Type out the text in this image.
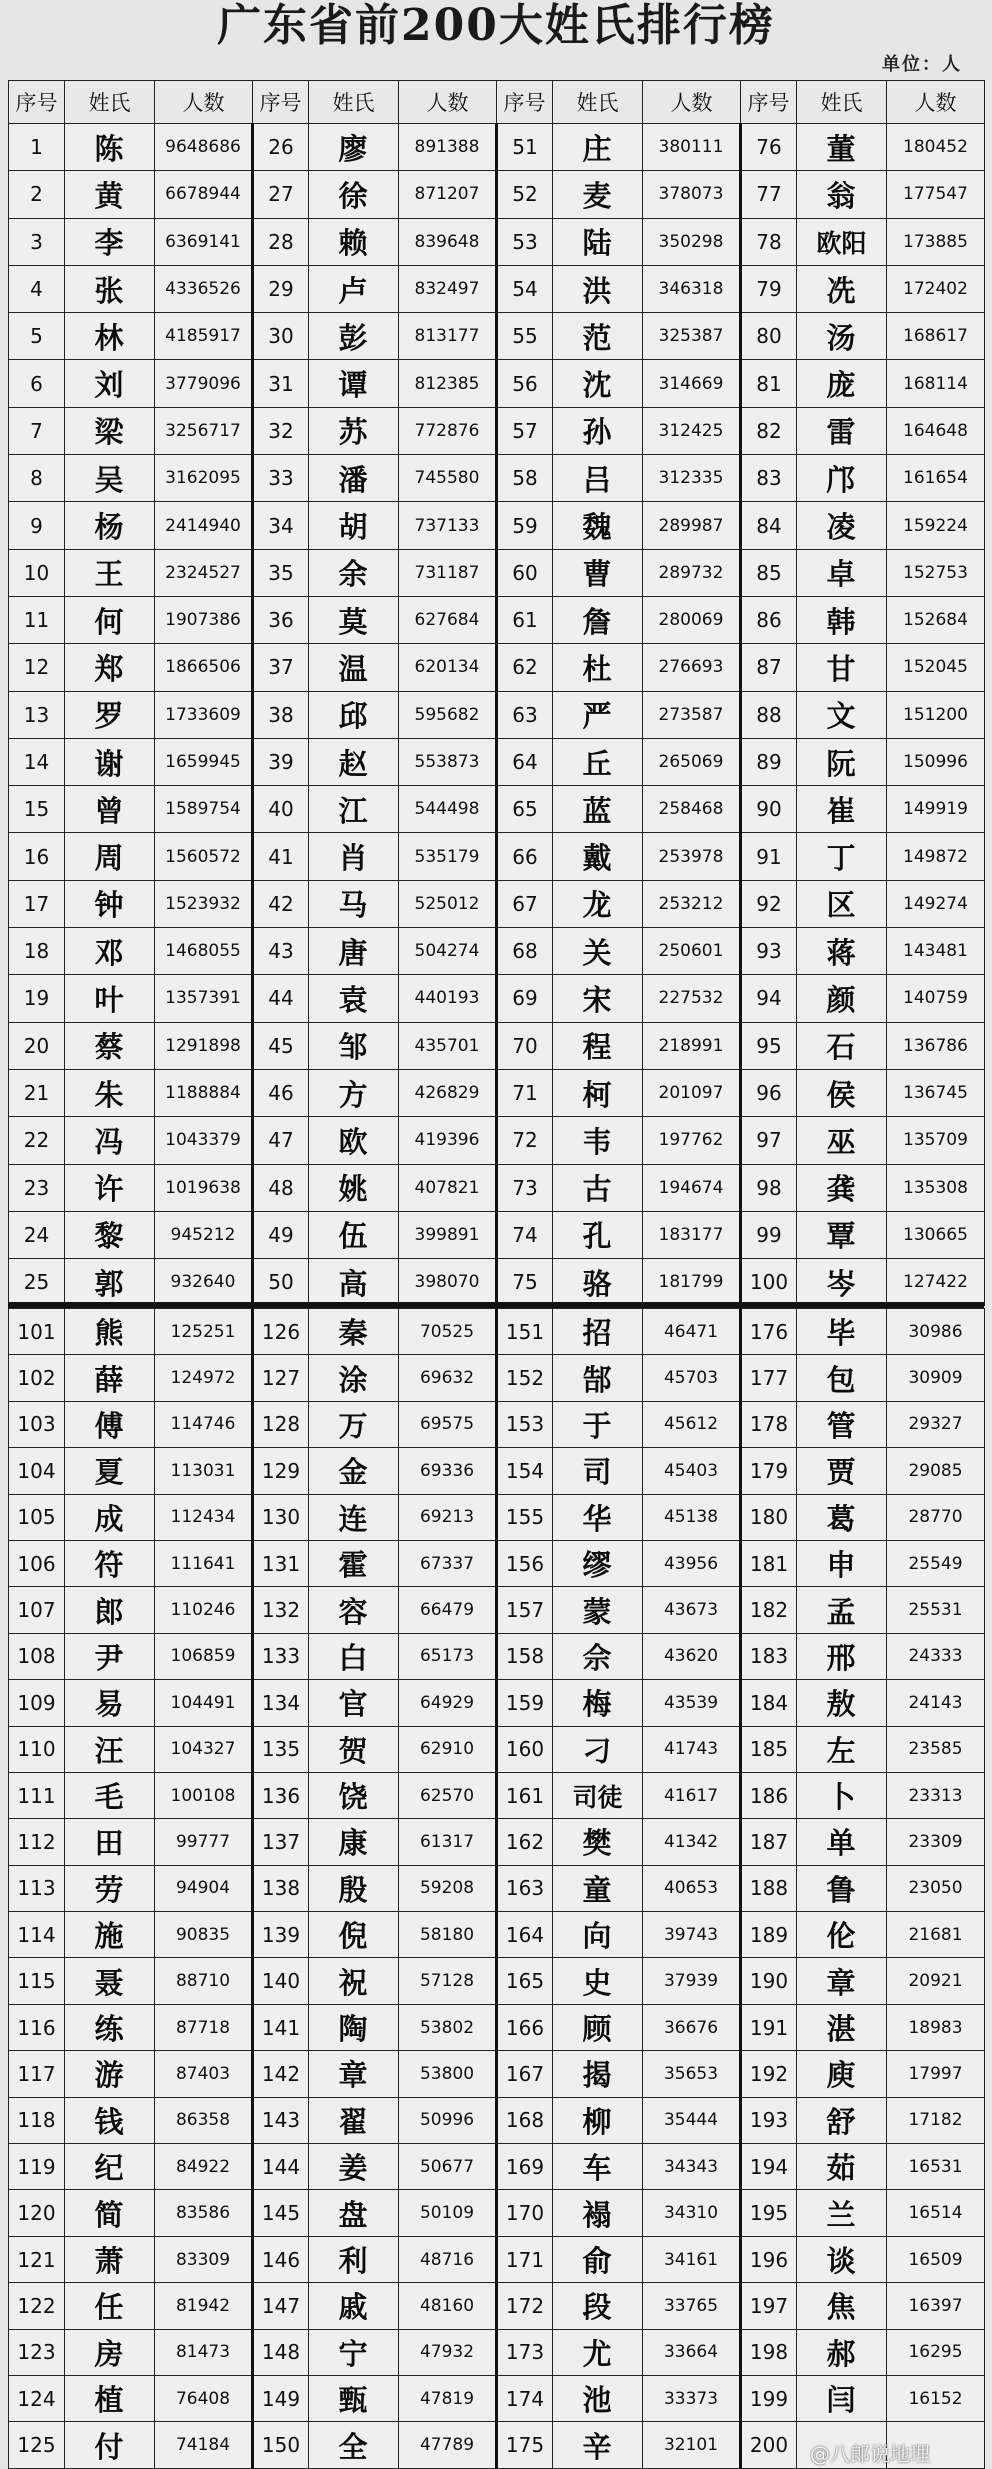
广东省前200大姓氏排行榜
单位：人
序号	姓氏	人数	序号	姓氏	人数	序号	姓氏	人数	序号	姓氏	人数
1	陈	9648686	26	廖	891388	51	庄	380111	76	董	180452
2	黄	6678944	27	徐	871207	52	麦	378073	77	翁	177547
3	李	6369141	28	赖	839648	53	陆	350298	78	欧阳	173885
4	张	4336526	29	卢	832497	54	洪	346318	79	冼	172402
5	林	4185917	30	彭	813177	55	范	325387	80	汤	168617
6	刘	3779096	31	谭	812385	56	沈	314669	81	庞	168114
7	梁	3256717	32	苏	772876	57	孙	312425	82	雷	164648
8	吴	3162095	33	潘	745580	58	吕	312335	83	邝	161654
9	杨	2414940	34	胡	737133	59	魏	289987	84	凌	159224
10	王	2324527	35	余	731187	60	曹	289732	85	卓	152753
11	何	1907386	36	莫	627684	61	詹	280069	86	韩	152684
12	郑	1866506	37	温	620134	62	杜	276693	87	甘	152045
13	罗	1733609	38	邱	595682	63	严	273587	88	文	151200
14	谢	1659945	39	赵	553873	64	丘	265069	89	阮	150996
15	曾	1589754	40	江	544498	65	蓝	258468	90	崔	149919
16	周	1560572	41	肖	535179	66	戴	253978	91	丁	149872
17	钟	1523932	42	马	525012	67	龙	253212	92	区	149274
18	邓	1468055	43	唐	504274	68	关	250601	93	蒋	143481
19	叶	1357391	44	袁	440193	69	宋	227532	94	颜	140759
20	蔡	1291898	45	邹	435701	70	程	218991	95	石	136786
21	朱	1188884	46	方	426829	71	柯	201097	96	侯	136745
22	冯	1043379	47	欧	419396	72	韦	197762	97	巫	135709
23	许	1019638	48	姚	407821	73	古	194674	98	龚	135308
24	黎	945212	49	伍	399891	74	孔	183177	99	覃	130665
25	郭	932640	50	高	398070	75	骆	181799	100	岑	127422
101	熊	125251	126	秦	70525	151	招	46471	176	毕	30986
102	薛	124972	127	涂	69632	152	郜	45703	177	包	30909
103	傅	114746	128	万	69575	153	于	45612	178	管	29327
104	夏	113031	129	金	69336	154	司	45403	179	贾	29085
105	成	112434	130	连	69213	155	华	45138	180	葛	28770
106	符	111641	131	霍	67337	156	缪	43956	181	申	25549
107	郎	110246	132	容	66479	157	蒙	43673	182	孟	25531
108	尹	106859	133	白	65173	158	佘	43620	183	邢	24333
109	易	104491	134	官	64929	159	梅	43539	184	敖	24143
110	汪	104327	135	贺	62910	160	刁	41743	185	左	23585
111	毛	100108	136	饶	62570	161	司徒	41617	186	卜	23313
112	田	99777	137	康	61317	162	樊	41342	187	单	23309
113	劳	94904	138	殷	59208	163	童	40653	188	鲁	23050
114	施	90835	139	倪	58180	164	向	39743	189	伦	21681
115	聂	88710	140	祝	57128	165	史	37939	190	章	20921
116	练	87718	141	陶	53802	166	顾	36676	191	湛	18983
117	游	87403	142	章	53800	167	揭	35653	192	庾	17997
118	钱	86358	143	翟	50996	168	柳	35444	193	舒	17182
119	纪	84922	144	姜	50677	169	车	34343	194	茹	16531
120	简	83586	145	盘	50109	170	褟	34310	195	兰	16514
121	萧	83309	146	利	48716	171	俞	34161	196	谈	16509
122	任	81942	147	戚	48160	172	段	33765	197	焦	16397
123	房	81473	148	宁	47932	173	尤	33664	198	郝	16295
124	植	76408	149	甄	47819	174	池	33373	199	闫	16152
125	付	74184	150	全	47789	175	辛	32101	200		@八郎说地理
